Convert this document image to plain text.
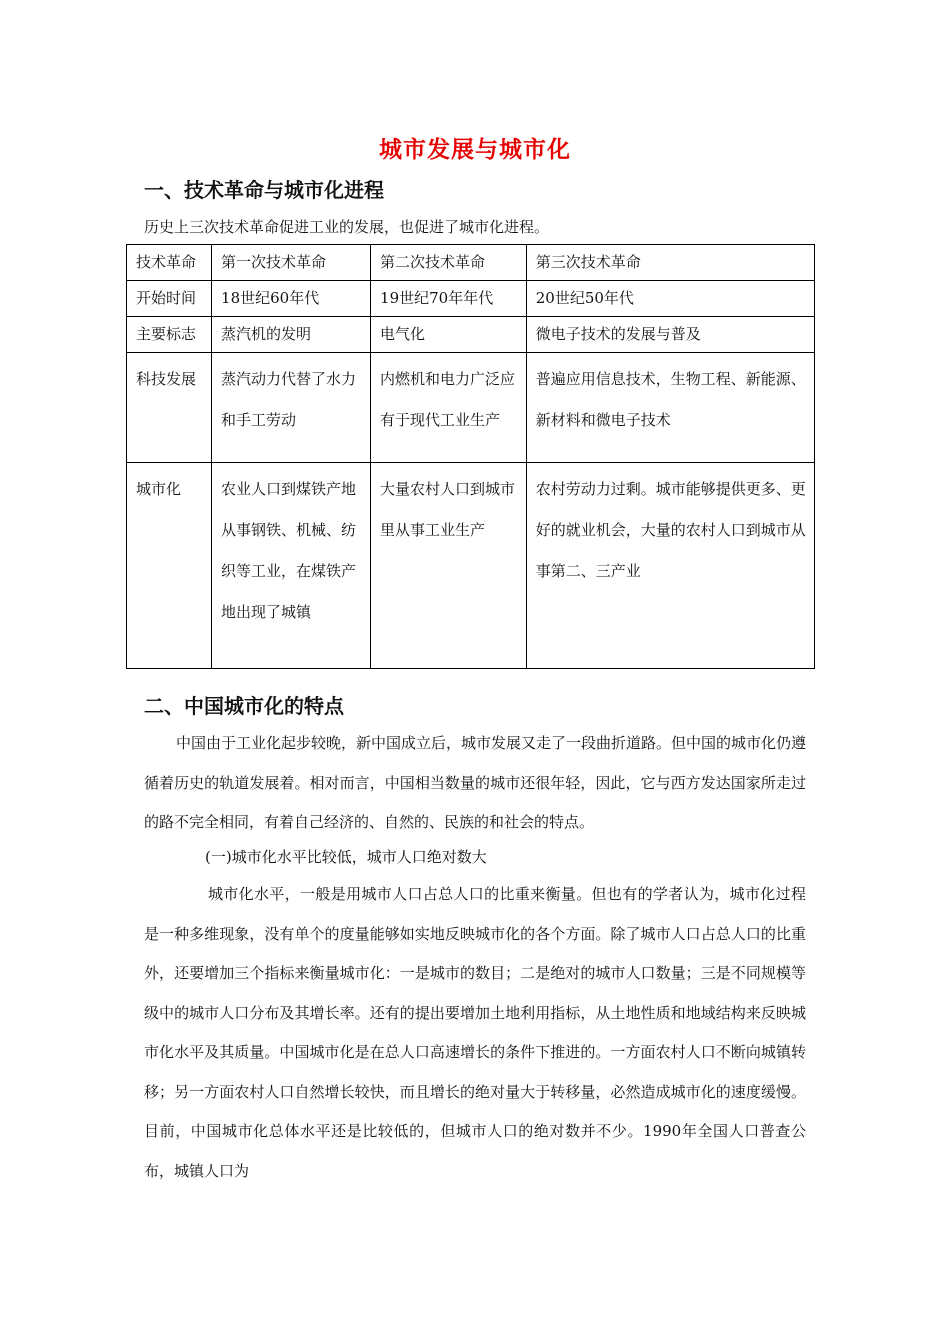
城市发展与城市化
一、技术革命与城市化进程
历史上三次技术革命促进工业的发展，也促进了城市化进程。
技术革命	第一次技术革命	第二次技术革命	第三次技术革命
开始时间	18世纪60年代	19世纪70年年代	20世纪50年代
主要标志	蒸汽机的发明	电气化	微电子技术的发展与普及
科技发展	蒸汽动力代替了水力和手工劳动	内燃机和电力广泛应有于现代工业生产	普遍应用信息技术，生物工程、新能源、新材料和微电子技术
城市化	农业人口到煤铁产地从事钢铁、机械、纺织等工业，在煤铁产地出现了城镇	大量农村人口到城市里从事工业生产	农村劳动力过剩。城市能够提供更多、更好的就业机会，大量的农村人口到城市从事第二、三产业
二、中国城市化的特点
中国由于工业化起步较晚，新中国成立后，城市发展又走了一段曲折道路。但中国的城市化仍遵循着历史的轨道发展着。相对而言，中国相当数量的城市还很年轻，因此，它与西方发达国家所走过的路不完全相同，有着自己经济的、自然的、民族的和社会的特点。
(一)城市化水平比较低，城市人口绝对数大
城市化水平，一般是用城市人口占总人口的比重来衡量。但也有的学者认为，城市化过程是一种多维现象，没有单个的度量能够如实地反映城市化的各个方面。除了城市人口占总人口的比重外，还要增加三个指标来衡量城市化：一是城市的数目；二是绝对的城市人口数量；三是不同规模等级中的城市人口分布及其增长率。还有的提出要增加土地利用指标，从土地性质和地域结构来反映城市化水平及其质量。中国城市化是在总人口高速增长的条件下推进的。一方面农村人口不断向城镇转移；另一方面农村人口自然增长较快，而且增长的绝对量大于转移量，必然造成城市化的速度缓慢。目前，中国城市化总体水平还是比较低的，但城市人口的绝对数并不少。1990年全国人口普查公布，城镇人口为
